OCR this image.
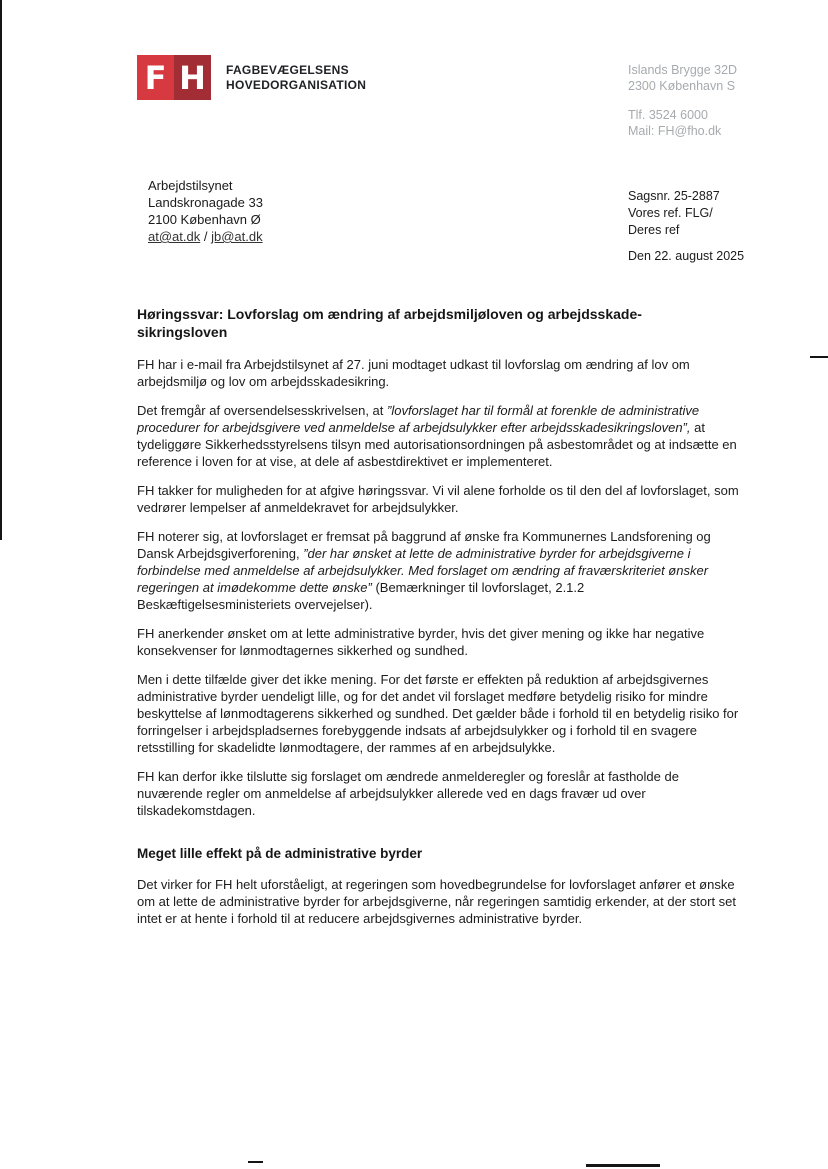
F H	FAGBEVÆGELSENS
HOVEDORGANISATION
Islands Brygge 32D
2300 København S
Tlf. 3524 6000
Mail: FH@fho.dk
Arbejdstilsynet
Landskronagade 33
2100 København Ø
at@at.dk / jb@at.dk
Sagsnr. 25-2887
Vores ref. FLG/
Deres ref
Den 22. august 2025
Høringssvar: Lovforslag om ændring af arbejdsmiljøloven og arbejdsskade-
sikringsloven

FH har i e-mail fra Arbejdstilsynet af 27. juni modtaget udkast til lovforslag om ændring af lov om arbejdsmiljø og lov om arbejdsskadesikring.

Det fremgår af oversendelsesskrivelsen, at ”lovforslaget har til formål at forenkle de administrative procedurer for arbejdsgivere ved anmeldelse af arbejdsulykker efter arbejdsskadesikringsloven”, at tydeliggøre Sikkerhedsstyrelsens tilsyn med autorisationsordningen på asbestområdet og at indsætte en reference i loven for at vise, at dele af asbestdirektivet er implementeret.

FH takker for muligheden for at afgive høringssvar. Vi vil alene forholde os til den del af lovforslaget, som vedrører lempelser af anmeldekravet for arbejdsulykker.

FH noterer sig, at lovforslaget er fremsat på baggrund af ønske fra Kommunernes Landsforening og Dansk Arbejdsgiverforening, ”der har ønsket at lette de administrative byrder for arbejdsgiverne i forbindelse med anmeldelse af arbejdsulykker. Med forslaget om ændring af fraværskriteriet ønsker regeringen at imødekomme dette ønske” (Bemærkninger til lovforslaget, 2.1.2 Beskæftigelsesministeriets overvejelser).

FH anerkender ønsket om at lette administrative byrder, hvis det giver mening og ikke har negative konsekvenser for lønmodtagernes sikkerhed og sundhed.

Men i dette tilfælde giver det ikke mening. For det første er effekten på reduktion af arbejdsgivernes administrative byrder uendeligt lille, og for det andet vil forslaget medføre betydelig risiko for mindre beskyttelse af lønmodtagerens sikkerhed og sundhed. Det gælder både i forhold til en betydelig risiko for forringelser i arbejdspladsernes forebyggende indsats af arbejdsulykker og i forhold til en svagere retsstilling for skadelidte lønmodtagere, der rammes af en arbejdsulykke.

FH kan derfor ikke tilslutte sig forslaget om ændrede anmelderegler og foreslår at fastholde de nuværende regler om anmeldelse af arbejdsulykker allerede ved en dags fravær ud over tilskadekomstdagen.

Meget lille effekt på de administrative byrder

Det virker for FH helt uforståeligt, at regeringen som hovedbegrundelse for lovforslaget anfører et ønske om at lette de administrative byrder for arbejdsgiverne, når regeringen samtidig erkender, at der stort set intet er at hente i forhold til at reducere arbejdsgivernes administrative byrder.
